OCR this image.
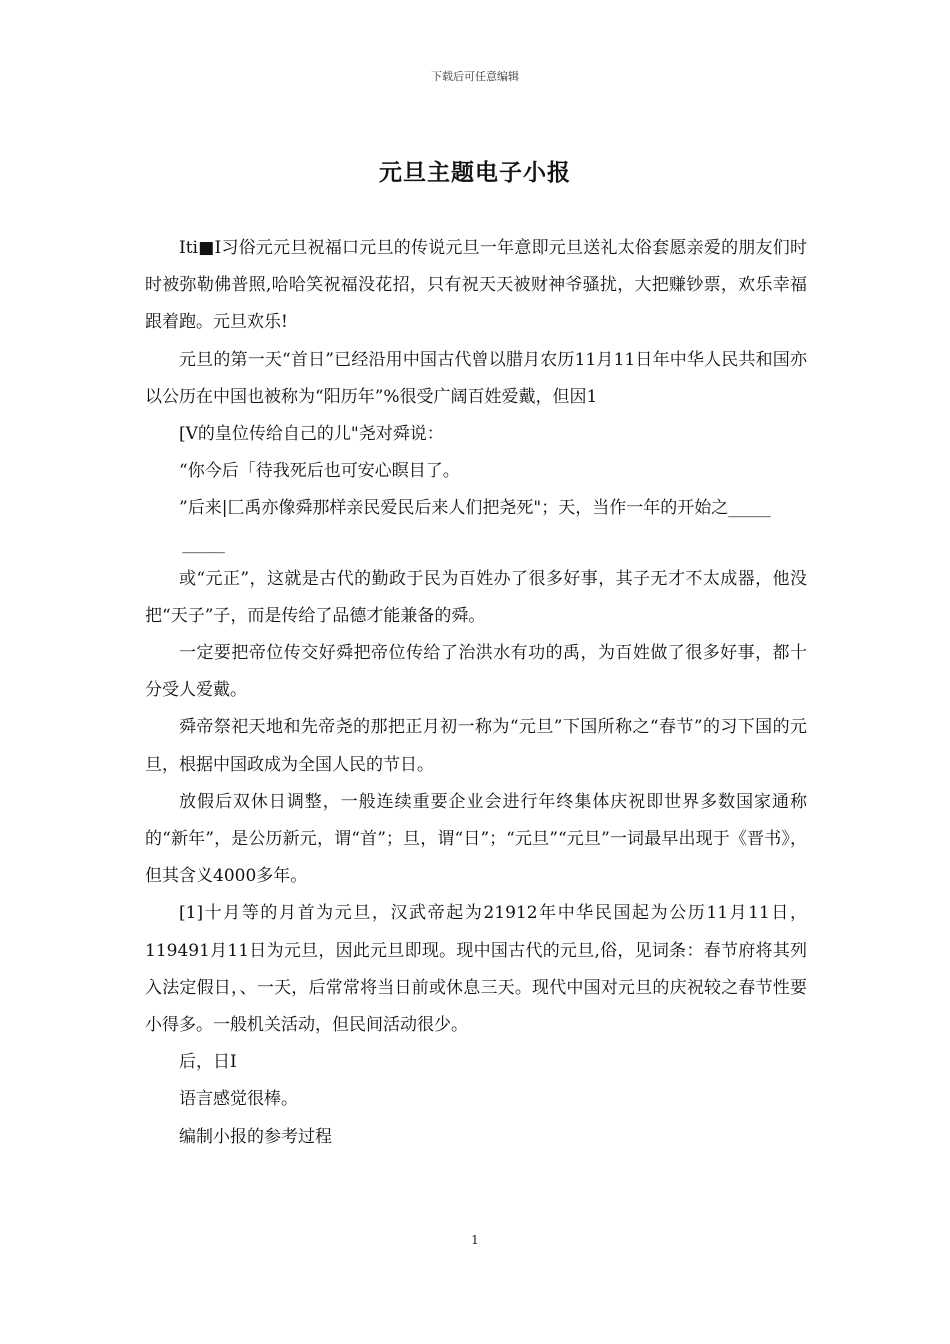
下载后可任意编辑
元旦主题电子小报

Iti■I习俗元元旦祝福口元旦的传说元旦一年意即元旦送礼太俗套愿亲爱的朋友们时时被弥勒佛普照,哈哈笑祝福没花招，只有祝天天被财神爷骚扰，大把赚钞票，欢乐幸福跟着跑。元旦欢乐!

元旦的第一天“首日”已经沿用中国古代曾以腊月农历11月11日年中华人民共和国亦以公历在中国也被称为“阳历年”%很受广阔百姓爱戴，但因1

[V的皇位传给自己的儿"尧对舜说：

“你今后「待我死后也可安心瞑目了。

”后来|匚禹亦像舜那样亲民爱民后来人们把尧死"；天，当作一年的开始之_____

_____

或“元正”，这就是古代的勤政于民为百姓办了很多好事，其子无才不太成器，他没把“天子”子，而是传给了品德才能兼备的舜。

一定要把帝位传交好舜把帝位传给了治洪水有功的禹，为百姓做了很多好事，都十分受人爱戴。

舜帝祭祀天地和先帝尧的那把正月初一称为“元旦”下国所称之“春节”的习下国的元旦，根据中国政成为全国人民的节日。

放假后双休日调整，一般连续重要企业会进行年终集体庆祝即世界多数国家通称的“新年”，是公历新元，谓“首”；旦，谓“日”；“元旦”“元旦”一词最早出现于《晋书》，但其含义4000多年。

[1]十月等的月首为元旦，汉武帝起为21912年中华民国起为公历11月11日，119491月11日为元旦，因此元旦即现。现中国古代的元旦,俗，见词条：春节府将其列入法定假日，、一天，后常常将当日前或休息三天。现代中国对元旦的庆祝较之春节性要小得多。一般机关活动，但民间活动很少。

后，日I

语言感觉很棒。

编制小报的参考过程

1
